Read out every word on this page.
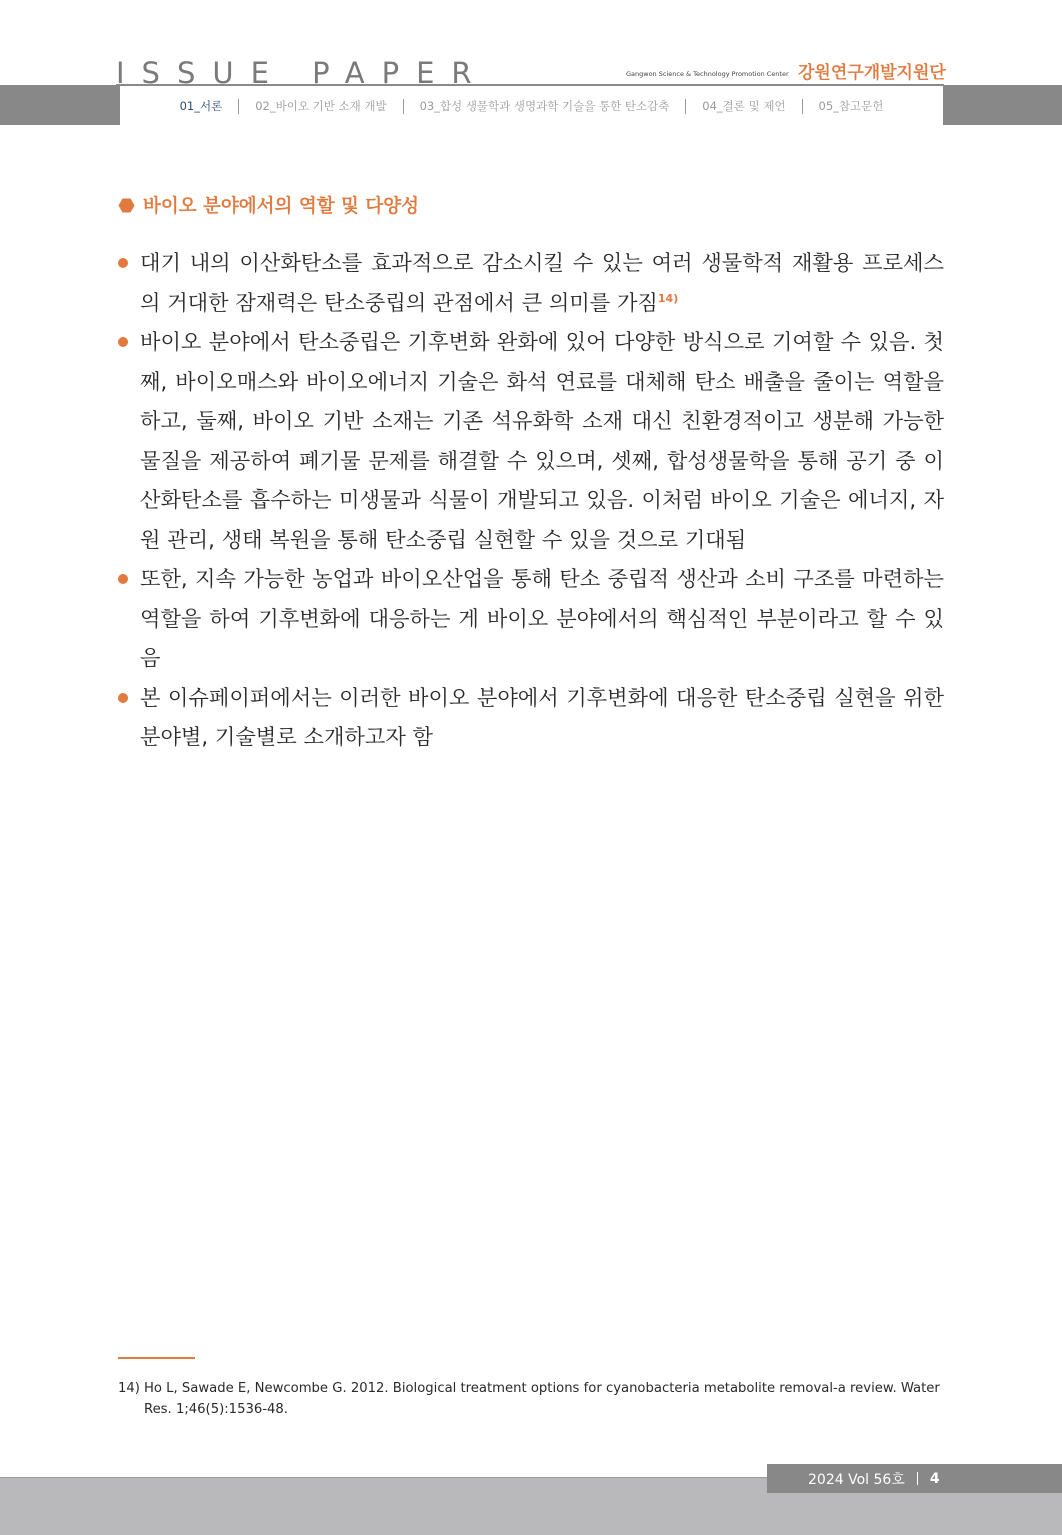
ISSUE PAPER	Gangwon Science & Technology Promotion Center 강원연구개발지원단
01_서론	02_바이오 기반 소재 개발	03_합성 생물학과 생명과학 기술을 통한 탄소감축	04_결론 및 제언	05_참고문헌
바이오 분야에서의 역할 및 다양성
대기 내의 이산화탄소를 효과적으로 감소시킬 수 있는 여러 생물학적 재활용 프로세스의 거대한 잠재력은 탄소중립의 관점에서 큰 의미를 가짐$^{14)}$
바이오 분야에서 탄소중립은 기후변화 완화에 있어 다양한 방식으로 기여할 수 있음. 첫째, 바이오매스와 바이오에너지 기술은 화석 연료를 대체해 탄소 배출을 줄이는 역할을 하고, 둘째, 바이오 기반 소재는 기존 석유화학 소재 대신 친환경적이고 생분해 가능한 물질을 제공하여 폐기물 문제를 해결할 수 있으며, 셋째, 합성생물학을 통해 공기 중 이산화탄소를 흡수하는 미생물과 식물이 개발되고 있음. 이처럼 바이오 기술은 에너지, 자원 관리, 생태 복원을 통해 탄소중립 실현할 수 있을 것으로 기대됨
또한, 지속 가능한 농업과 바이오산업을 통해 탄소 중립적 생산과 소비 구조를 마련하는 역할을 하여 기후변화에 대응하는 게 바이오 분야에서의 핵심적인 부분이라고 할 수 있음
본 이슈페이퍼에서는 이러한 바이오 분야에서 기후변화에 대응한 탄소중립 실현을 위한 분야별, 기술별로 소개하고자 함
14) Ho L, Sawade E, Newcombe G. 2012. Biological treatment options for cyanobacteria metabolite removal-a review. Water Res. 1;46(5):1536-48.
2024 Vol 56호 4
